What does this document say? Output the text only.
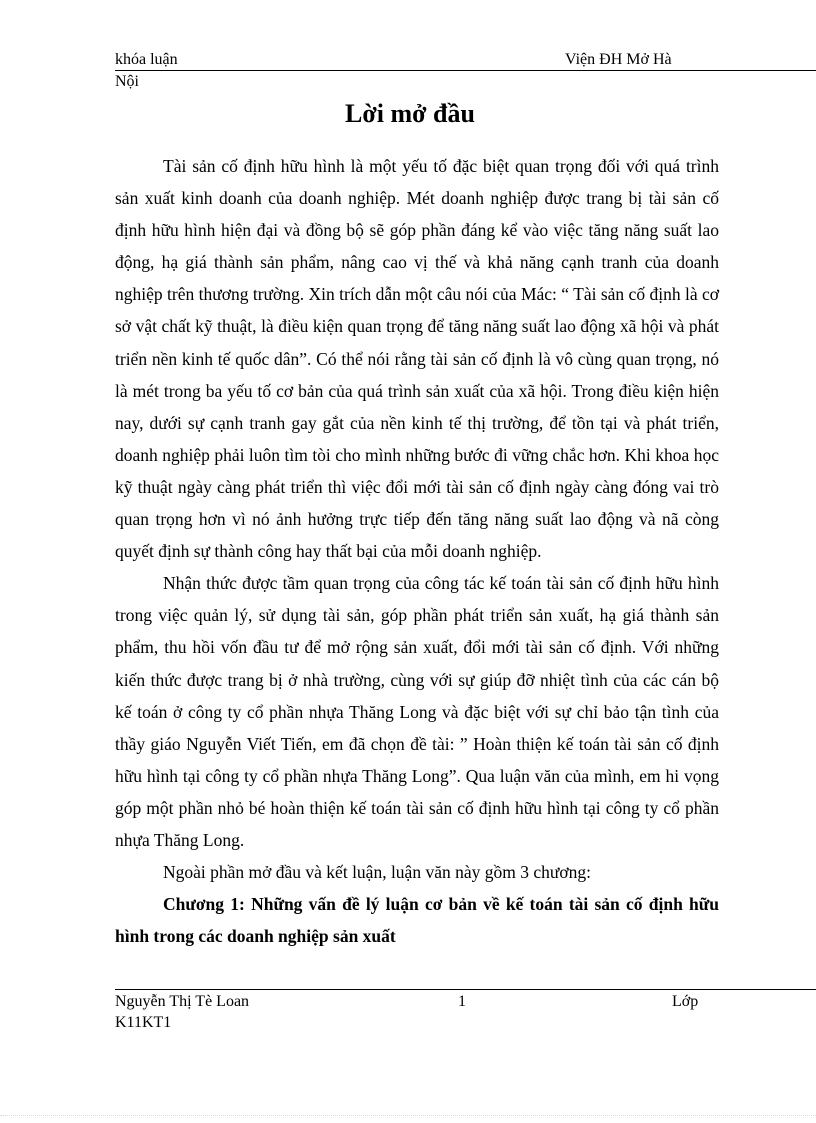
khóa luận	Viện ĐH Mở Hà
Nội
Lời mở đầu

Tài sản cố định hữu hình là một yếu tố đặc biệt quan trọng đối với quá trình sản xuất kinh doanh của doanh nghiệp. Mét doanh nghiệp được trang bị tài sản cố định hữu hình hiện đại và đồng bộ sẽ góp phần đáng kể vào việc tăng năng suất lao động, hạ giá thành sản phẩm, nâng cao vị thế và khả năng cạnh tranh của doanh nghiệp trên thương trường. Xin trích dẫn một câu nói của Mác: “ Tài sản cố định là cơ sở vật chất kỹ thuật, là điều kiện quan trọng để tăng năng suất lao động xã hội và phát triển nền kinh tế quốc dân”. Có thể nói rằng tài sản cố định là vô cùng quan trọng, nó là mét trong ba yếu tố cơ bản của quá trình sản xuất của xã hội. Trong điều kiện hiện nay, dưới sự cạnh tranh gay gắt của nền kinh tế thị trường, để tồn tại và phát triển, doanh nghiệp phải luôn tìm tòi cho mình những bước đi vững chắc hơn. Khi khoa học kỹ thuật ngày càng phát triển thì việc đổi mới tài sản cố định ngày càng đóng vai trò quan trọng hơn vì nó ảnh hưởng trực tiếp đến tăng năng suất lao động và nã còng quyết định sự thành công hay thất bại của mỗi doanh nghiệp.

Nhận thức được tầm quan trọng của công tác kế toán tài sản cố định hữu hình trong việc quản lý, sử dụng tài sản, góp phần phát triển sản xuất, hạ giá thành sản phẩm, thu hồi vốn đầu tư để mở rộng sản xuất, đổi mới tài sản cố định. Với những kiến thức được trang bị ở nhà trường, cùng với sự giúp đỡ nhiệt tình của các cán bộ kế toán ở công ty cổ phần nhựa Thăng Long và đặc biệt với sự chỉ bảo tận tình của thầy giáo Nguyễn Viết Tiến, em đã chọn đề tài: ” Hoàn thiện kế toán tài sản cố định hữu hình tại công ty cổ phần nhựa Thăng Long”. Qua luận văn của mình, em hi vọng góp một phần nhỏ bé hoàn thiện kế toán tài sản cố định hữu hình tại công ty cổ phần nhựa Thăng Long.

Ngoài phần mở đầu và kết luận, luận văn này gồm 3 chương:

Chương 1: Những vấn đề lý luận cơ bản về kế toán tài sản cố định hữu hình trong các doanh nghiệp sản xuất

Nguyễn Thị Tè Loan	1	Lớp
K11KT1
